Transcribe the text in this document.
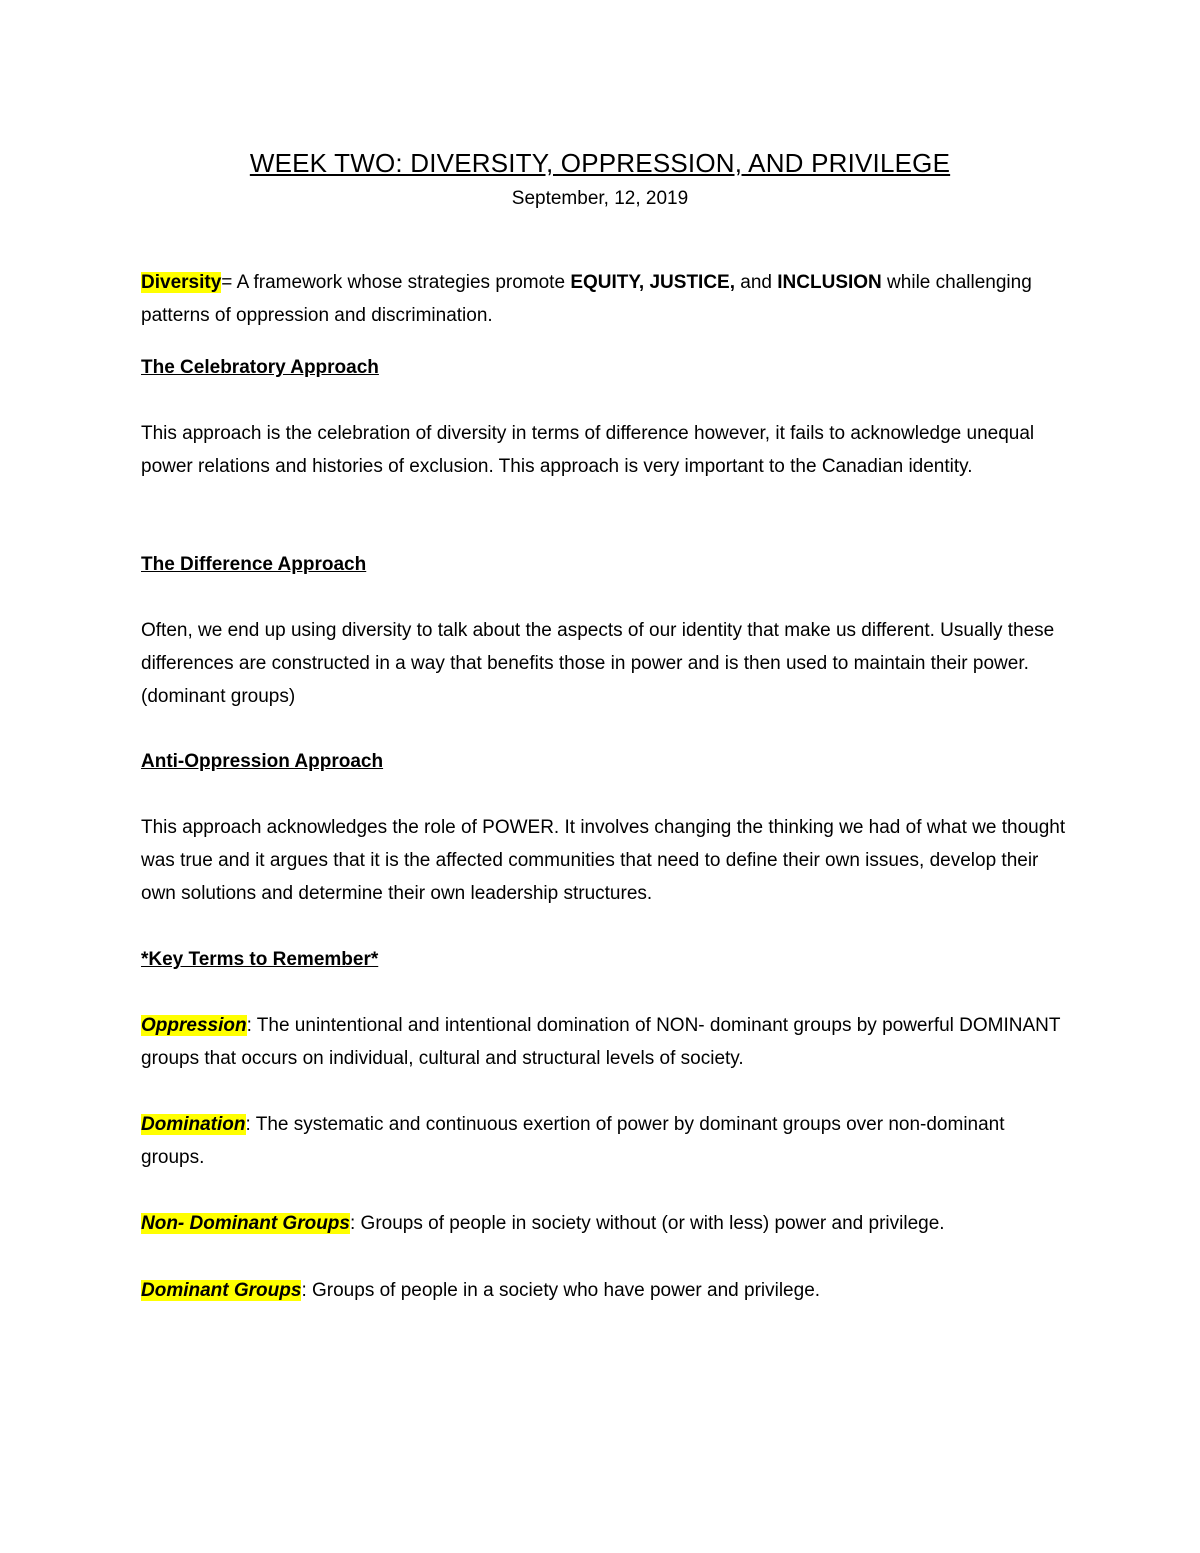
WEEK TWO: DIVERSITY, OPPRESSION, AND PRIVILEGE
September, 12, 2019
Diversity= A framework whose strategies promote EQUITY, JUSTICE, and INCLUSION while challenging patterns of oppression and discrimination.
The Celebratory Approach
This approach is the celebration of diversity in terms of difference however, it fails to acknowledge unequal power relations and histories of exclusion. This approach is very important to the Canadian identity.
The Difference Approach
Often, we end up using diversity to talk about the aspects of our identity that make us different. Usually these differences are constructed in a way that benefits those in power and is then used to maintain their power. (dominant groups)
Anti-Oppression Approach
This approach acknowledges the role of POWER. It involves changing the thinking we had of what we thought was true and it argues that it is the affected communities that need to define their own issues, develop their own solutions and determine their own leadership structures.
*Key Terms to Remember*
Oppression: The unintentional and intentional domination of NON- dominant groups by powerful DOMINANT groups that occurs on individual, cultural and structural levels of society.
Domination: The systematic and continuous exertion of power by dominant groups over non-dominant groups.
Non- Dominant Groups: Groups of people in society without (or with less) power and privilege.
Dominant Groups: Groups of people in a society who have power and privilege.
